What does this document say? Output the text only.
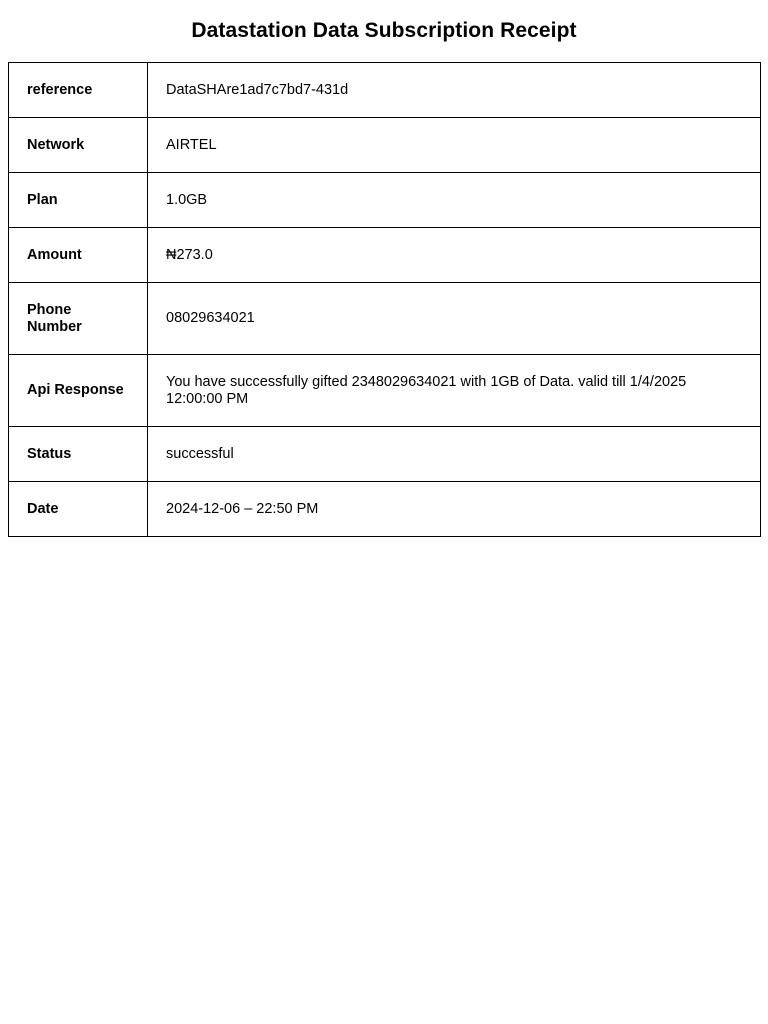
Datastation Data Subscription Receipt
reference	DataSHAre1ad7c7bd7-431d
Network	AIRTEL
Plan	1.0GB
Amount	₦273.0
Phone Number	08029634021
Api Response	You have successfully gifted 2348029634021 with 1GB of Data. valid till 1/4/2025 12:00:00 PM
Status	successful
Date	2024-12-06 – 22:50 PM
